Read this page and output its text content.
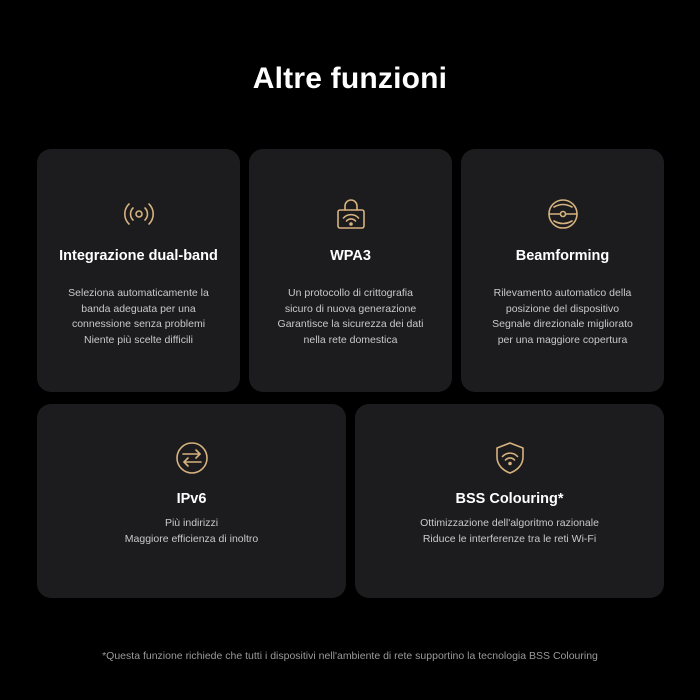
Altre funzioni
Integrazione dual-band
Seleziona automaticamente la
banda adeguata per una
connessione senza problemi
Niente più scelte difficili
WPA3
Un protocollo di crittografia
sicuro di nuova generazione
Garantisce la sicurezza dei dati
nella rete domestica
Beamforming
Rilevamento automatico della
posizione del dispositivo
Segnale direzionale migliorato
per una maggiore copertura
IPv6
Più indirizzi
Maggiore efficienza di inoltro
BSS Colouring*
Ottimizzazione dell'algoritmo razionale
Riduce le interferenze tra le reti Wi-Fi
*Questa funzione richiede che tutti i dispositivi nell'ambiente di rete supportino la tecnologia BSS Colouring
